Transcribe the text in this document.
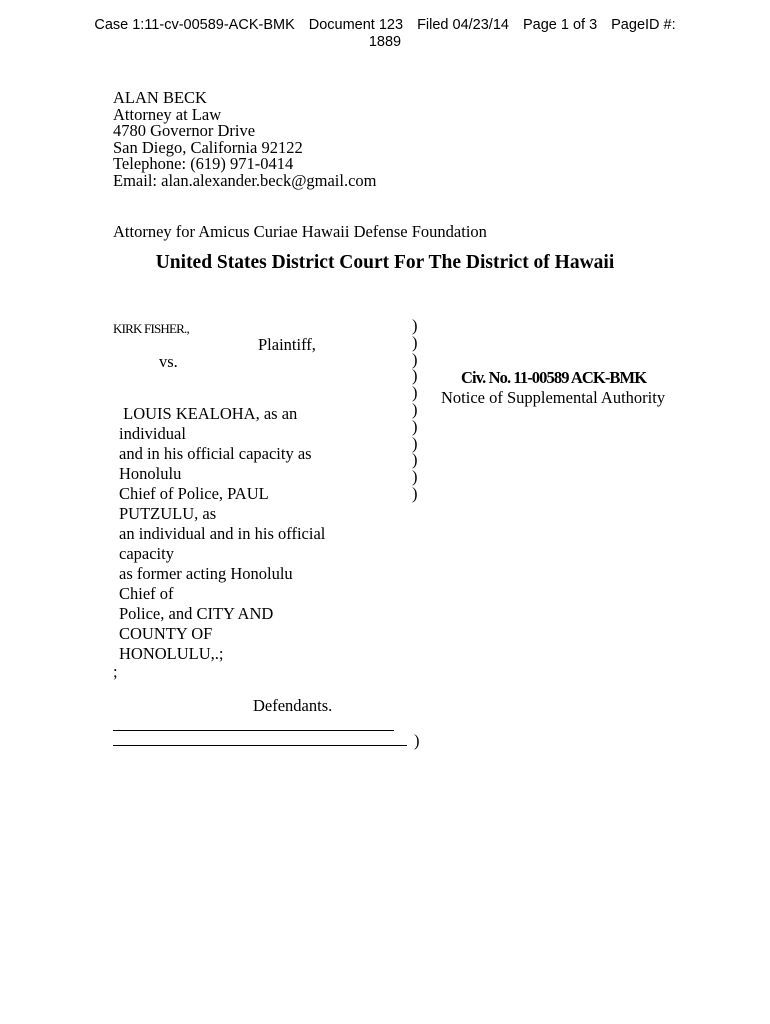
Case 1:11-cv-00589-ACK-BMK Document 123 Filed 04/23/14 Page 1 of 3 PageID #:
1889
ALAN BECK
Attorney at Law
4780 Governor Drive
San Diego, California 92122
Telephone: (619) 971-0414
Email: alan.alexander.beck@gmail.com
Attorney for Amicus Curiae Hawaii Defense Foundation
United States District Court For The District of Hawaii
KIRK FISHER.,
Plaintiff,
vs.
LOUIS KEALOHA, as an
individual
and in his official capacity as
Honolulu
Chief of Police, PAUL
PUTZULU, as
an individual and in his official
capacity
as former acting Honolulu
Chief of
Police, and CITY AND
COUNTY OF
HONOLULU,.;
;
Defendants.
)
)
)
)
)
)
)
)
)
)
)
)
Civ. No. 11-00589 ACK-BMK
Notice of Supplemental Authority
